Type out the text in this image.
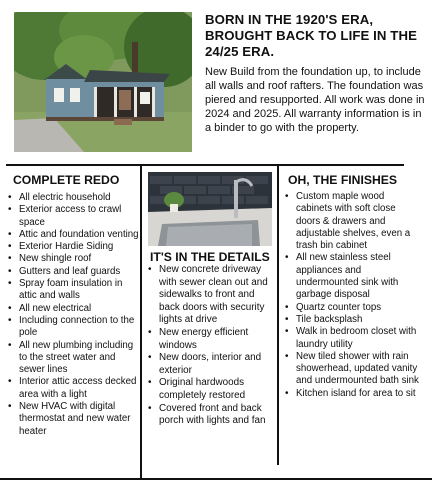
BORN IN THE 1920'S ERA,
BROUGHT BACK TO LIFE IN THE
24/25 ERA.
New Build from the foundation up, to include all walls and roof rafters. The foundation was piered and resupported. All work was done in 2024 and 2025. All warranty information is in a binder to go with the property.
COMPLETE REDO
• All electric household
• Exterior access to crawl space
• Attic and foundation venting
• Exterior Hardie Siding
• New shingle roof
• Gutters and leaf guards
• Spray foam insulation in attic and walls
• All new electrical
• Including connection to the pole
• All new plumbing including to the street water and sewer lines
• Interior attic access decked area with a light
• New HVAC with digital thermostat and new water heater
IT'S IN THE DETAILS
• New concrete driveway with sewer clean out and sidewalks to front and back doors with security lights at drive
• New energy efficient windows
• New doors, interior and exterior
• Original hardwoods completely restored
• Covered front and back porch with lights and fan
OH, THE FINISHES
• Custom maple wood cabinets with soft close doors & drawers and adjustable shelves, even a trash bin cabinet
• All new stainless steel appliances and undermounted sink with garbage disposal
• Quartz counter tops
• Tile backsplash
• Walk in bedroom closet with laundry utility
• New tiled shower with rain showerhead, updated vanity and undermounted bath sink
• Kitchen island for area to sit
